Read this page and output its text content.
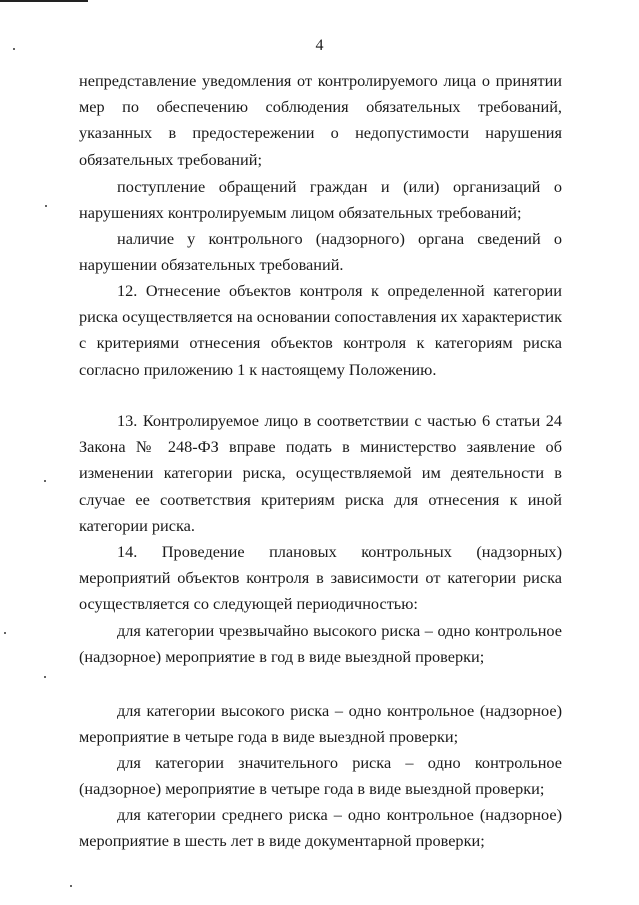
4

непредставление уведомления от контролируемого лица о принятии мер по обеспечению соблюдения обязательных требований, указанных в предостережении о недопустимости нарушения обязательных требований;

поступление обращений граждан и (или) организаций о нарушениях контролируемым лицом обязательных требований;

наличие у контрольного (надзорного) органа сведений о нарушении обязательных требований.

12. Отнесение объектов контроля к определенной категории риска осуществляется на основании сопоставления их характеристик с критериями отнесения объектов контроля к категориям риска согласно приложению 1 к настоящему Положению.

13. Контролируемое лицо в соответствии с частью 6 статьи 24 Закона № 248-ФЗ вправе подать в министерство заявление об изменении категории риска, осуществляемой им деятельности в случае ее соответствия критериям риска для отнесения к иной категории риска.

14. Проведение плановых контрольных (надзорных) мероприятий объектов контроля в зависимости от категории риска осуществляется со следующей периодичностью:

для категории чрезвычайно высокого риска – одно контрольное (надзорное) мероприятие в год в виде выездной проверки;

для категории высокого риска – одно контрольное (надзорное) мероприятие в четыре года в виде выездной проверки;

для категории значительного риска – одно контрольное (надзорное) мероприятие в четыре года в виде выездной проверки;

для категории среднего риска – одно контрольное (надзорное) мероприятие в шесть лет в виде документарной проверки;
